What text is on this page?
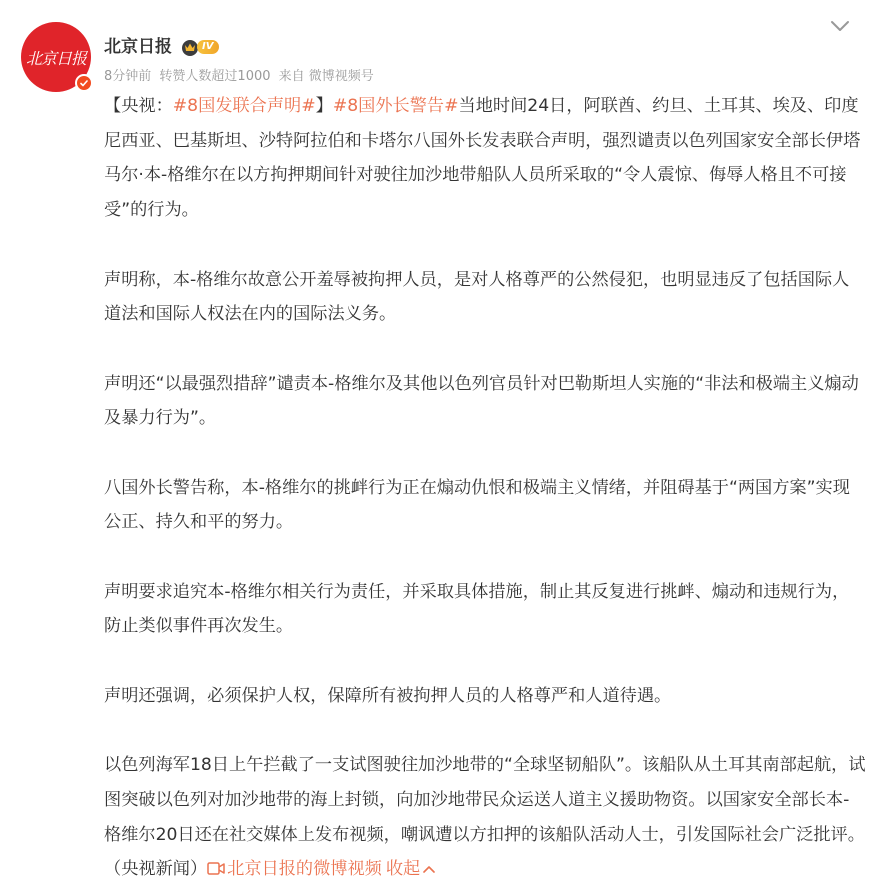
北京日报
北京日报	IV
8分钟前 转赞人数超过1000 来自 微博视频号

【央视：#8国发联合声明#】#8国外长警告#当地时间24日，阿联酋、约旦、土耳其、埃及、印度尼西亚、巴基斯坦、沙特阿拉伯和卡塔尔八国外长发表联合声明，强烈谴责以色列国家安全部长伊塔马尔·本-格维尔在以方拘押期间针对驶往加沙地带船队人员所采取的“令人震惊、侮辱人格且不可接受”的行为。

声明称，本-格维尔故意公开羞辱被拘押人员，是对人格尊严的公然侵犯，也明显违反了包括国际人道法和国际人权法在内的国际法义务。

声明还“以最强烈措辞”谴责本-格维尔及其他以色列官员针对巴勒斯坦人实施的“非法和极端主义煽动及暴力行为”。

八国外长警告称，本-格维尔的挑衅行为正在煽动仇恨和极端主义情绪，并阻碍基于“两国方案”实现公正、持久和平的努力。

声明要求追究本-格维尔相关行为责任，并采取具体措施，制止其反复进行挑衅、煽动和违规行为，防止类似事件再次发生。

声明还强调，必须保护人权，保障所有被拘押人员的人格尊严和人道待遇。

以色列海军18日上午拦截了一支试图驶往加沙地带的“全球坚韧船队”。该船队从土耳其南部起航，试图突破以色列对加沙地带的海上封锁，向加沙地带民众运送人道主义援助物资。以国家安全部长本-格维尔20日还在社交媒体上发布视频，嘲讽遭以方扣押的该船队活动人士，引发国际社会广泛批评。（央视新闻） 北京日报的微博视频 收起
